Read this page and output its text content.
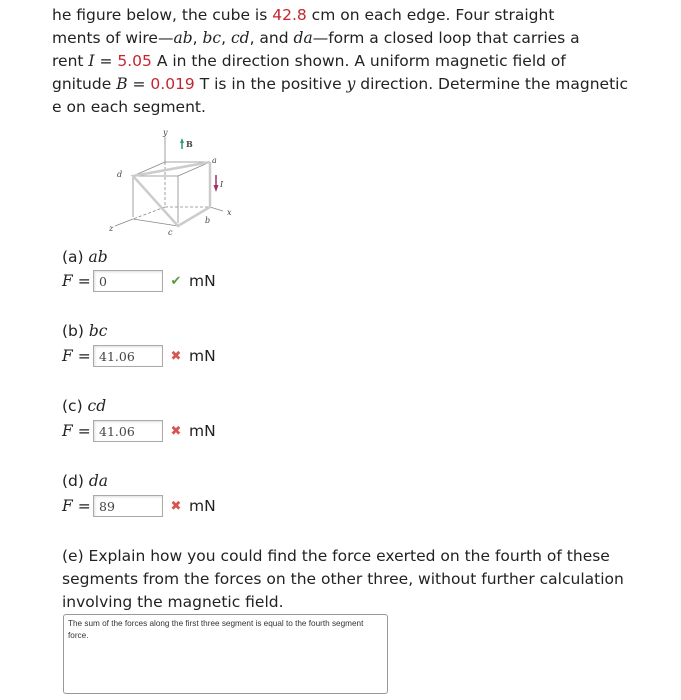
he figure below, the cube is 42.8 cm on each edge. Four straight
ments of wire—ab, bc, cd, and da—form a closed loop that carries a
rent I = 5.05 A in the direction shown. A uniform magnetic field of
gnitude B = 0.019 T is in the positive y direction. Determine the magnetic
e on each segment.
y
B
a
d
I
x
b
z	c
(a) ab
F = 0	✔ mN
(b) bc
F = 41.06	✖ mN
(c) cd
F = 41.06	✖ mN
(d) da
F = 89	✖ mN
(e) Explain how you could find the force exerted on the fourth of these
segments from the forces on the other three, without further calculation
involving the magnetic field.
The sum of the forces along the first three segment is equal to the fourth segment force.
